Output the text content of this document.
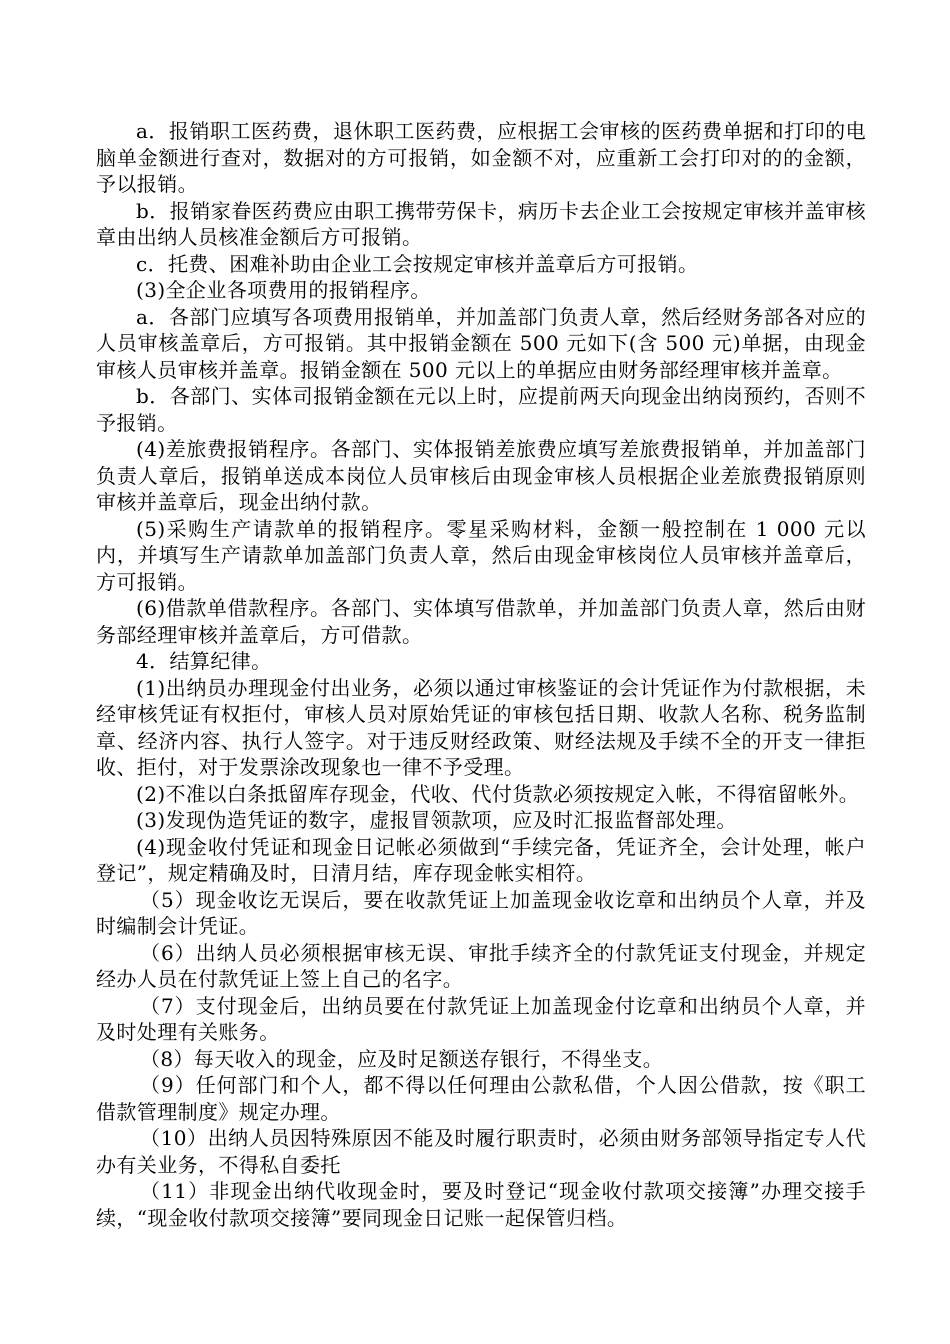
a．报销职工医药费，退休职工医药费，应根据工会审核的医药费单据和打印的电脑单金额进行查对，数据对的方可报销，如金额不对，应重新工会打印对的的金额，予以报销。

b．报销家眷医药费应由职工携带劳保卡，病历卡去企业工会按规定审核并盖审核章由出纳人员核准金额后方可报销。

c．托费、困难补助由企业工会按规定审核并盖章后方可报销。

(3)全企业各项费用的报销程序。

a．各部门应填写各项费用报销单，并加盖部门负责人章，然后经财务部各对应的人员审核盖章后，方可报销。其中报销金额在 500 元如下(含 500 元)单据，由现金审核人员审核并盖章。报销金额在 500 元以上的单据应由财务部经理审核并盖章。

b．各部门、实体司报销金额在元以上时，应提前两天向现金出纳岗预约，否则不予报销。

(4)差旅费报销程序。各部门、实体报销差旅费应填写差旅费报销单，并加盖部门负责人章后，报销单送成本岗位人员审核后由现金审核人员根据企业差旅费报销原则审核并盖章后，现金出纳付款。

(5)采购生产请款单的报销程序。零星采购材料，金额一般控制在 1 000 元以内，并填写生产请款单加盖部门负责人章，然后由现金审核岗位人员审核并盖章后，方可报销。

(6)借款单借款程序。各部门、实体填写借款单，并加盖部门负责人章，然后由财务部经理审核并盖章后，方可借款。

4．结算纪律。

(1)出纳员办理现金付出业务，必须以通过审核鉴证的会计凭证作为付款根据，未经审核凭证有权拒付，审核人员对原始凭证的审核包括日期、收款人名称、税务监制章、经济内容、执行人签字。对于违反财经政策、财经法规及手续不全的开支一律拒收、拒付，对于发票涂改现象也一律不予受理。

(2)不准以白条抵留库存现金，代收、代付货款必须按规定入帐，不得宿留帐外。

(3)发现伪造凭证的数字，虚报冒领款项，应及时汇报监督部处理。

(4)现金收付凭证和现金日记帐必须做到“手续完备，凭证齐全，会计处理，帐户登记”，规定精确及时，日清月结，库存现金帐实相符。

（5）现金收讫无误后，要在收款凭证上加盖现金收讫章和出纳员个人章，并及时编制会计凭证。

（6）出纳人员必须根据审核无误、审批手续齐全的付款凭证支付现金，并规定经办人员在付款凭证上签上自己的名字。

（7）支付现金后，出纳员要在付款凭证上加盖现金付讫章和出纳员个人章，并及时处理有关账务。

（8）每天收入的现金，应及时足额送存银行，不得坐支。

（9）任何部门和个人，都不得以任何理由公款私借，个人因公借款，按《职工借款管理制度》规定办理。

（10）出纳人员因特殊原因不能及时履行职责时，必须由财务部领导指定专人代办有关业务，不得私自委托

（11）非现金出纳代收现金时，要及时登记“现金收付款项交接簿”办理交接手续，“现金收付款项交接簿”要同现金日记账一起保管归档。
